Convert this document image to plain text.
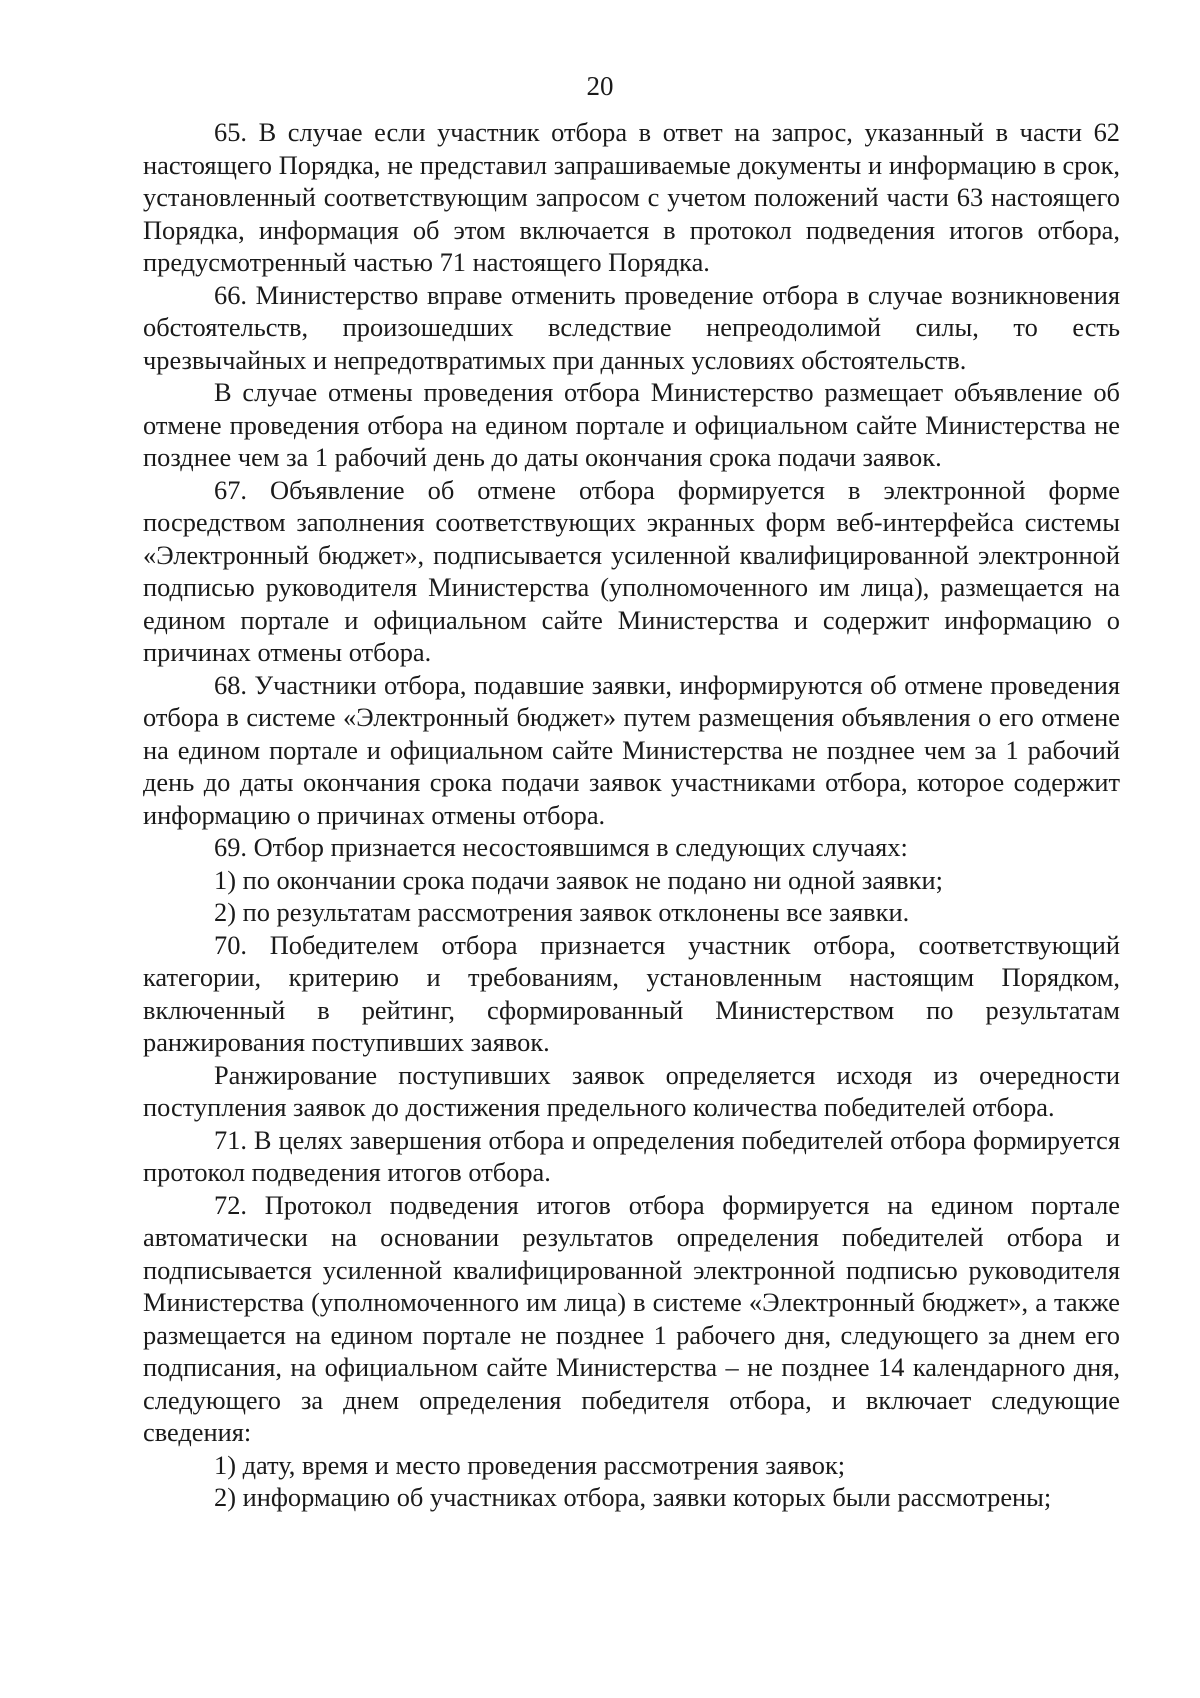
20

65. В случае если участник отбора в ответ на запрос, указанный в части 62 настоящего Порядка, не представил запрашиваемые документы и информацию в срок, установленный соответствующим запросом с учетом положений части 63 настоящего Порядка, информация об этом включается в протокол подведения итогов отбора, предусмотренный частью 71 настоящего Порядка.

66. Министерство вправе отменить проведение отбора в случае возникновения обстоятельств, произошедших вследствие непреодолимой силы, то есть чрезвычайных и непредотвратимых при данных условиях обстоятельств.

В случае отмены проведения отбора Министерство размещает объявление об отмене проведения отбора на едином портале и официальном сайте Министерства не позднее чем за 1 рабочий день до даты окончания срока подачи заявок.

67. Объявление об отмене отбора формируется в электронной форме посредством заполнения соответствующих экранных форм веб-интерфейса системы «Электронный бюджет», подписывается усиленной квалифицированной электронной подписью руководителя Министерства (уполномоченного им лица), размещается на едином портале и официальном сайте Министерства и содержит информацию о причинах отмены отбора.

68. Участники отбора, подавшие заявки, информируются об отмене проведения отбора в системе «Электронный бюджет» путем размещения объявления о его отмене на едином портале и официальном сайте Министерства не позднее чем за 1 рабочий день до даты окончания срока подачи заявок участниками отбора, которое содержит информацию о причинах отмены отбора.

69. Отбор признается несостоявшимся в следующих случаях:

1) по окончании срока подачи заявок не подано ни одной заявки;

2) по результатам рассмотрения заявок отклонены все заявки.

70. Победителем отбора признается участник отбора, соответствующий категории, критерию и требованиям, установленным настоящим Порядком, включенный в рейтинг, сформированный Министерством по результатам ранжирования поступивших заявок.

Ранжирование поступивших заявок определяется исходя из очередности поступления заявок до достижения предельного количества победителей отбора.

71. В целях завершения отбора и определения победителей отбора формируется протокол подведения итогов отбора.

72. Протокол подведения итогов отбора формируется на едином портале автоматически на основании результатов определения победителей отбора и подписывается усиленной квалифицированной электронной подписью руководителя Министерства (уполномоченного им лица) в системе «Электронный бюджет», а также размещается на едином портале не позднее 1 рабочего дня, следующего за днем его подписания, на официальном сайте Министерства – не позднее 14 календарного дня, следующего за днем определения победителя отбора, и включает следующие сведения:

1) дату, время и место проведения рассмотрения заявок;

2) информацию об участниках отбора, заявки которых были рассмотрены;
